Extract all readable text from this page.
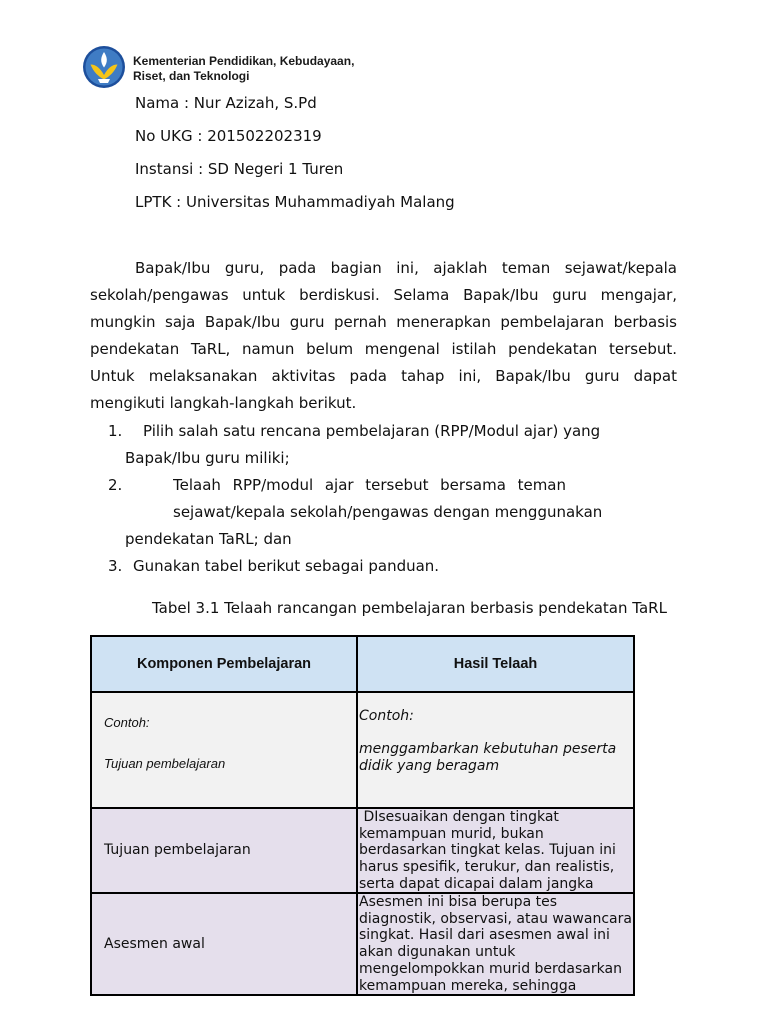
Kementerian Pendidikan, Kebudayaan,
Riset, dan Teknologi
Nama : Nur Azizah, S.Pd
No UKG : 201502202319
Instansi : SD Negeri 1 Turen
LPTK : Universitas Muhammadiyah Malang
Bapak/Ibu guru, pada bagian ini, ajaklah teman sejawat/kepala
sekolah/pengawas untuk berdiskusi. Selama Bapak/Ibu guru mengajar,
mungkin saja Bapak/Ibu guru pernah menerapkan pembelajaran berbasis
pendekatan TaRL, namun belum mengenal istilah pendekatan tersebut.
Untuk melaksanakan aktivitas pada tahap ini, Bapak/Ibu guru dapat
mengikuti langkah-langkah berikut.
1. Pilih salah satu rencana pembelajaran (RPP/Modul ajar) yang
Bapak/Ibu guru miliki;
2.	Telaah RPP/modul ajar tersebut bersama teman
sejawat/kepala sekolah/pengawas dengan menggunakan
pendekatan TaRL; dan
3. Gunakan tabel berikut sebagai panduan.
Tabel 3.1 Telaah rancangan pembelajaran berbasis pendekatan TaRL
Komponen Pembelajaran	Hasil Telaah
Contoh:
Tujuan pembelajaran
Contoh:
menggambarkan kebutuhan peserta didik yang beragam
Tujuan pembelajaran
DIsesuaikan dengan tingkat kemampuan murid, bukan berdasarkan tingkat kelas. Tujuan ini harus spesifik, terukur, dan realistis, serta dapat dicapai dalam jangka
Asesmen awal
Asesmen ini bisa berupa tes diagnostik, observasi, atau wawancara singkat. Hasil dari asesmen awal ini akan digunakan untuk mengelompokkan murid berdasarkan kemampuan mereka, sehingga
